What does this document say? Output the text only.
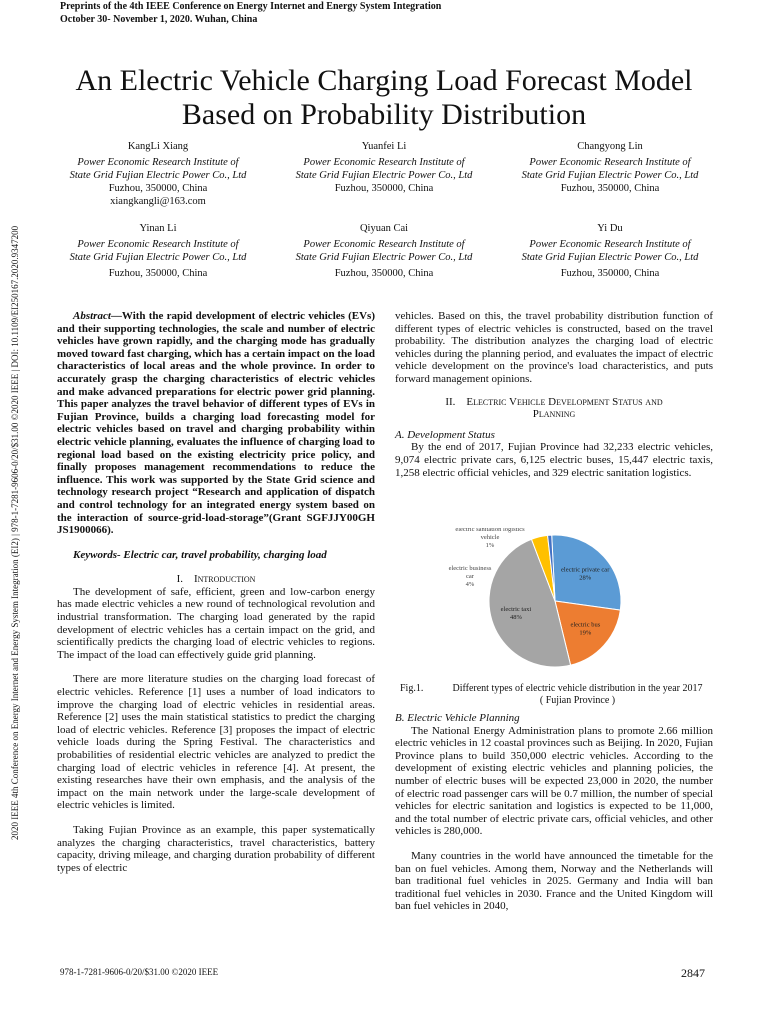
Preprints of the 4th IEEE Conference on Energy Internet and Energy System Integration
October 30- November 1, 2020. Wuhan, China
2020 IEEE 4th Conference on Energy Internet and Energy System Integration (EI2) | 978-1-7281-9606-0/20/$31.00 ©2020 IEEE | DOI: 10.1109/EI250167.2020.9347200
An Electric Vehicle Charging Load Forecast Model
Based on Probability Distribution
KangLi Xiang
Power Economic Research Institute of
State Grid Fujian Electric Power Co., Ltd
Fuzhou, 350000, China
xiangkangli@163.com
Yuanfei Li
Power Economic Research Institute of
State Grid Fujian Electric Power Co., Ltd
Fuzhou, 350000, China
Changyong Lin
Power Economic Research Institute of
State Grid Fujian Electric Power Co., Ltd
Fuzhou, 350000, China
Yinan Li
Power Economic Research Institute of
State Grid Fujian Electric Power Co., Ltd
Fuzhou, 350000, China
Qiyuan Cai
Power Economic Research Institute of
State Grid Fujian Electric Power Co., Ltd
Fuzhou, 350000, China
Yi Du
Power Economic Research Institute of
State Grid Fujian Electric Power Co., Ltd
Fuzhou, 350000, China

Abstract—With the rapid development of electric vehicles (EVs) and their supporting technologies, the scale and number of electric vehicles have grown rapidly, and the charging mode has gradually moved toward fast charging, which has a certain impact on the load characteristics of local areas and the whole province. In order to accurately grasp the charging characteristics of electric vehicles and make advanced preparations for electric power grid planning. This paper analyzes the travel behavior of different types of EVs in Fujian Province, builds a charging load forecasting model for electric vehicles based on travel and charging probability within electric vehicle planning, evaluates the influence of charging load to regional load based on the existing electricity price policy, and finally proposes management recommendations to reduce the influence. This work was supported by the State Grid science and technology research project “Research and application of dispatch and control technology for an integrated energy system based on the interaction of source-grid-load-storage”(Grant SGFJJY00GH JS1900066).

Keywords- Electric car, travel probability, charging load

I. Introduction

The development of safe, efficient, green and low-carbon energy has made electric vehicles a new round of technological revolution and industrial transformation. The charging load generated by the rapid development of electric vehicles has a certain impact on the grid, and scientifically predicts the charging load of electric vehicles to regions. The impact of the load can effectively guide grid planning.

There are more literature studies on the charging load forecast of electric vehicles. Reference [1] uses a number of load indicators to improve the charging load of electric vehicles in residential areas. Reference [2] uses the main statistical statistics to predict the charging load of electric vehicles. Reference [3] proposes the impact of electric vehicle loads during the Spring Festival. The characteristics and probabilities of residential electric vehicles are analyzed to predict the charging load of electric vehicles in reference [4]. At present, the existing researches have their own emphasis, and the analysis of the impact on the main network under the large-scale development of electric vehicles is limited.

Taking Fujian Province as an example, this paper systematically analyzes the charging characteristics, travel characteristics, battery capacity, driving mileage, and charging duration probability of different types of electric

vehicles. Based on this, the travel probability distribution function of different types of electric vehicles is constructed, based on the travel probability. The distribution analyzes the charging load of electric vehicles during the planning period, and evaluates the impact of electric vehicle development on the province's load characteristics, and puts forward management opinions.

II. Electric Vehicle Development Status and

Planning

A. Development Status

By the end of 2017, Fujian Province had 32,233 electric vehicles, 9,074 electric private cars, 6,125 electric buses, 15,447 electric taxis, 1,258 electric official vehicles, and 329 electric sanitation logistics.

electric private car
28%
electric bus
19%
electric taxi
48%
electric business
car
4%
electric sanitation logistics
vehicle
1%
Fig.1.	Different types of electric vehicle distribution in the year 2017
( Fujian Province )

B. Electric Vehicle Planning

The National Energy Administration plans to promote 2.66 million electric vehicles in 12 coastal provinces such as Beijing. In 2020, Fujian Province plans to build 350,000 electric vehicles. According to the development of existing electric vehicles and planning policies, the number of electric buses will be expected 23,000 in 2020, the number of electric road passenger cars will be 0.7 million, the number of special vehicles for electric sanitation and logistics is expected to be 11,000, and the total number of electric private cars, official vehicles, and other vehicles is 280,000.

Many countries in the world have announced the timetable for the ban on fuel vehicles. Among them, Norway and the Netherlands will ban traditional fuel vehicles in 2025. Germany and India will ban traditional fuel vehicles in 2030. France and the United Kingdom will ban fuel vehicles in 2040,

978-1-7281-9606-0/20/$31.00 ©2020 IEEE	2847
